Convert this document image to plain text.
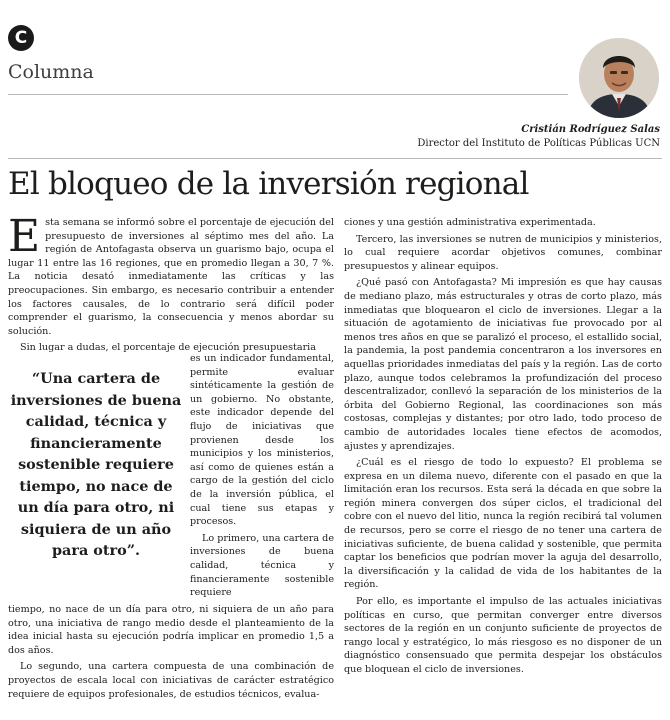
C
Columna
Cristián Rodríguez Salas
Director del Instituto de Políticas Públicas UCN
El bloqueo de la inversión regional

Esta semana se informó sobre el porcentaje de ejecución del presupuesto de inversiones al séptimo mes del año. La región de Antofagasta observa un guarismo bajo, ocupa el lugar 11 entre las 16 regiones, que en promedio llegan a 30, 7 %. La noticia desató inmediatamente las críticas y las preocupaciones. Sin embargo, es necesario contribuir a entender los factores causales, de lo contrario será difícil poder comprender el guarismo, la consecuencia y menos abordar su solución.

Sin lugar a dudas, el porcentaje de ejecución presupuestaria

“Una cartera de inversiones de buena calidad, técnica y financieramente sostenible requiere tiempo, no nace de un día para otro, ni siquiera de un año para otro”.

es un indicador fundamental, permite evaluar sintéticamente la gestión de un gobierno. No obstante, este indicador depende del flujo de iniciativas que provienen desde los municipios y los ministerios, así como de quienes están a cargo de la gestión del ciclo de la inversión pública, el cual tiene sus etapas y procesos.

Lo primero, una cartera de inversiones de buena calidad, técnica y financieramente sostenible requiere

tiempo, no nace de un día para otro, ni siquiera de un año para otro, una iniciativa de rango medio desde el planteamiento de la idea inicial hasta su ejecución podría implicar en promedio 1,5 a dos años.

Lo segundo, una cartera compuesta de una combinación de proyectos de escala local con iniciativas de carácter estratégico requiere de equipos profesionales, de estudios técnicos, evalua-

ciones y una gestión administrativa experimentada.

Tercero, las inversiones se nutren de municipios y ministerios, lo cual requiere acordar objetivos comunes, combinar presupuestos y alinear equipos.

¿Qué pasó con Antofagasta? Mi impresión es que hay causas de mediano plazo, más estructurales y otras de corto plazo, más inmediatas que bloquearon el ciclo de inversiones. Llegar a la situación de agotamiento de iniciativas fue provocado por al menos tres años en que se paralizó el proceso, el estallido social, la pandemia, la post pandemia concentraron a los inversores en aquellas prioridades inmediatas del país y la región. Las de corto plazo, aunque todos celebramos la profundización del proceso descentralizador, conllevó la separación de los ministerios de la órbita del Gobierno Regional, las coordinaciones son más costosas, complejas y distantes; por otro lado, todo proceso de cambio de autoridades locales tiene efectos de acomodos, ajustes y aprendizajes.

¿Cuál es el riesgo de todo lo expuesto? El problema se expresa en un dilema nuevo, diferente con el pasado en que la limitación eran los recursos. Esta será la década en que sobre la región minera convergen dos súper ciclos, el tradicional del cobre con el nuevo del litio, nunca la región recibirá tal volumen de recursos, pero se corre el riesgo de no tener una cartera de iniciativas suficiente, de buena calidad y sostenible, que permita captar los beneficios que podrían mover la aguja del desarrollo, la diversificación y la calidad de vida de los habitantes de la región.

Por ello, es importante el impulso de las actuales iniciativas políticas en curso, que permitan converger entre diversos sectores de la región en un conjunto suficiente de proyectos de rango local y estratégico, lo más riesgoso es no disponer de un diagnóstico consensuado que permita despejar los obstáculos que bloquean el ciclo de inversiones.
